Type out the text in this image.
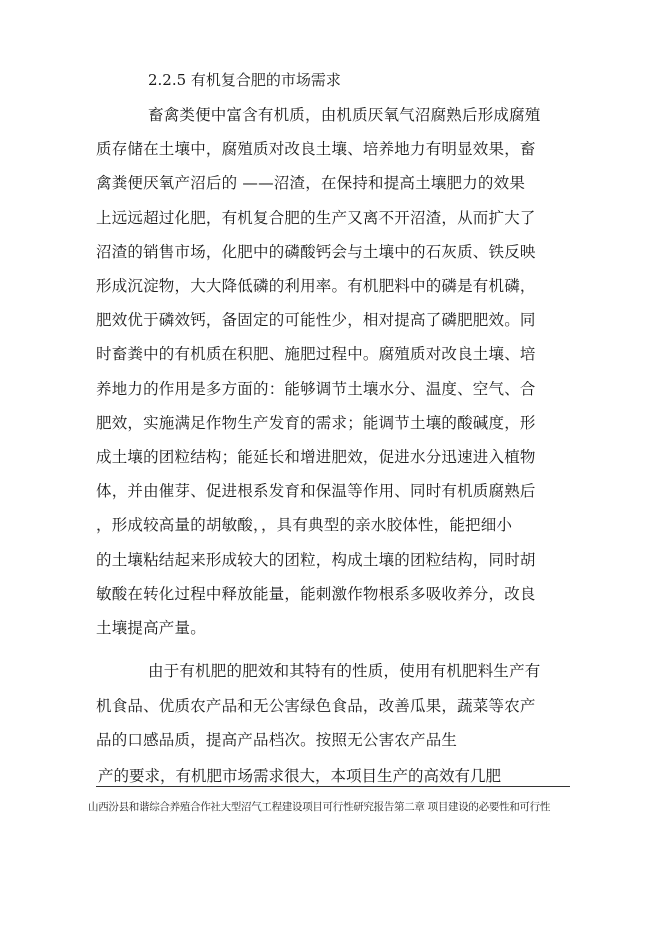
2.2.5 有机复合肥的市场需求
畜禽类便中富含有机质，由机质厌氧气沼腐熟后形成腐殖
质存储在土壤中，腐殖质对改良土壤、培养地力有明显效果，畜
禽粪便厌氧产沼后的 ——沼渣，在保持和提高土壤肥力的效果
上远远超过化肥，有机复合肥的生产又离不开沼渣，从而扩大了
沼渣的销售市场，化肥中的磷酸钙会与土壤中的石灰质、铁反映
形成沉淀物，大大降低磷的利用率。有机肥料中的磷是有机磷，
肥效优于磷效钙，备固定的可能性少，相对提高了磷肥肥效。同
时畜粪中的有机质在积肥、施肥过程中。腐殖质对改良土壤、培
养地力的作用是多方面的：能够调节土壤水分、温度、空气、合
肥效，实施满足作物生产发育的需求；能调节土壤的酸碱度，形
成土壤的团粒结构；能延长和增进肥效，促进水分迅速进入植物
体，并由催芽、促进根系发育和保温等作用、同时有机质腐熟后
，形成较高量的胡敏酸，，具有典型的亲水胶体性，能把细小
的土壤粘结起来形成较大的团粒，构成土壤的团粒结构，同时胡
敏酸在转化过程中释放能量，能刺激作物根系多吸收养分，改良
土壤提高产量。
由于有机肥的肥效和其特有的性质，使用有机肥料生产有
机食品、优质农产品和无公害绿色食品，改善瓜果，蔬菜等农产
品的口感品质，提高产品档次。按照无公害农产品生
产的要求，有机肥市场需求很大，本项目生产的高效有几肥
山西汾县和谐综合养殖合作社大型沼气工程建设项目可行性研究报告第二章 项目建设的必要性和可行性
